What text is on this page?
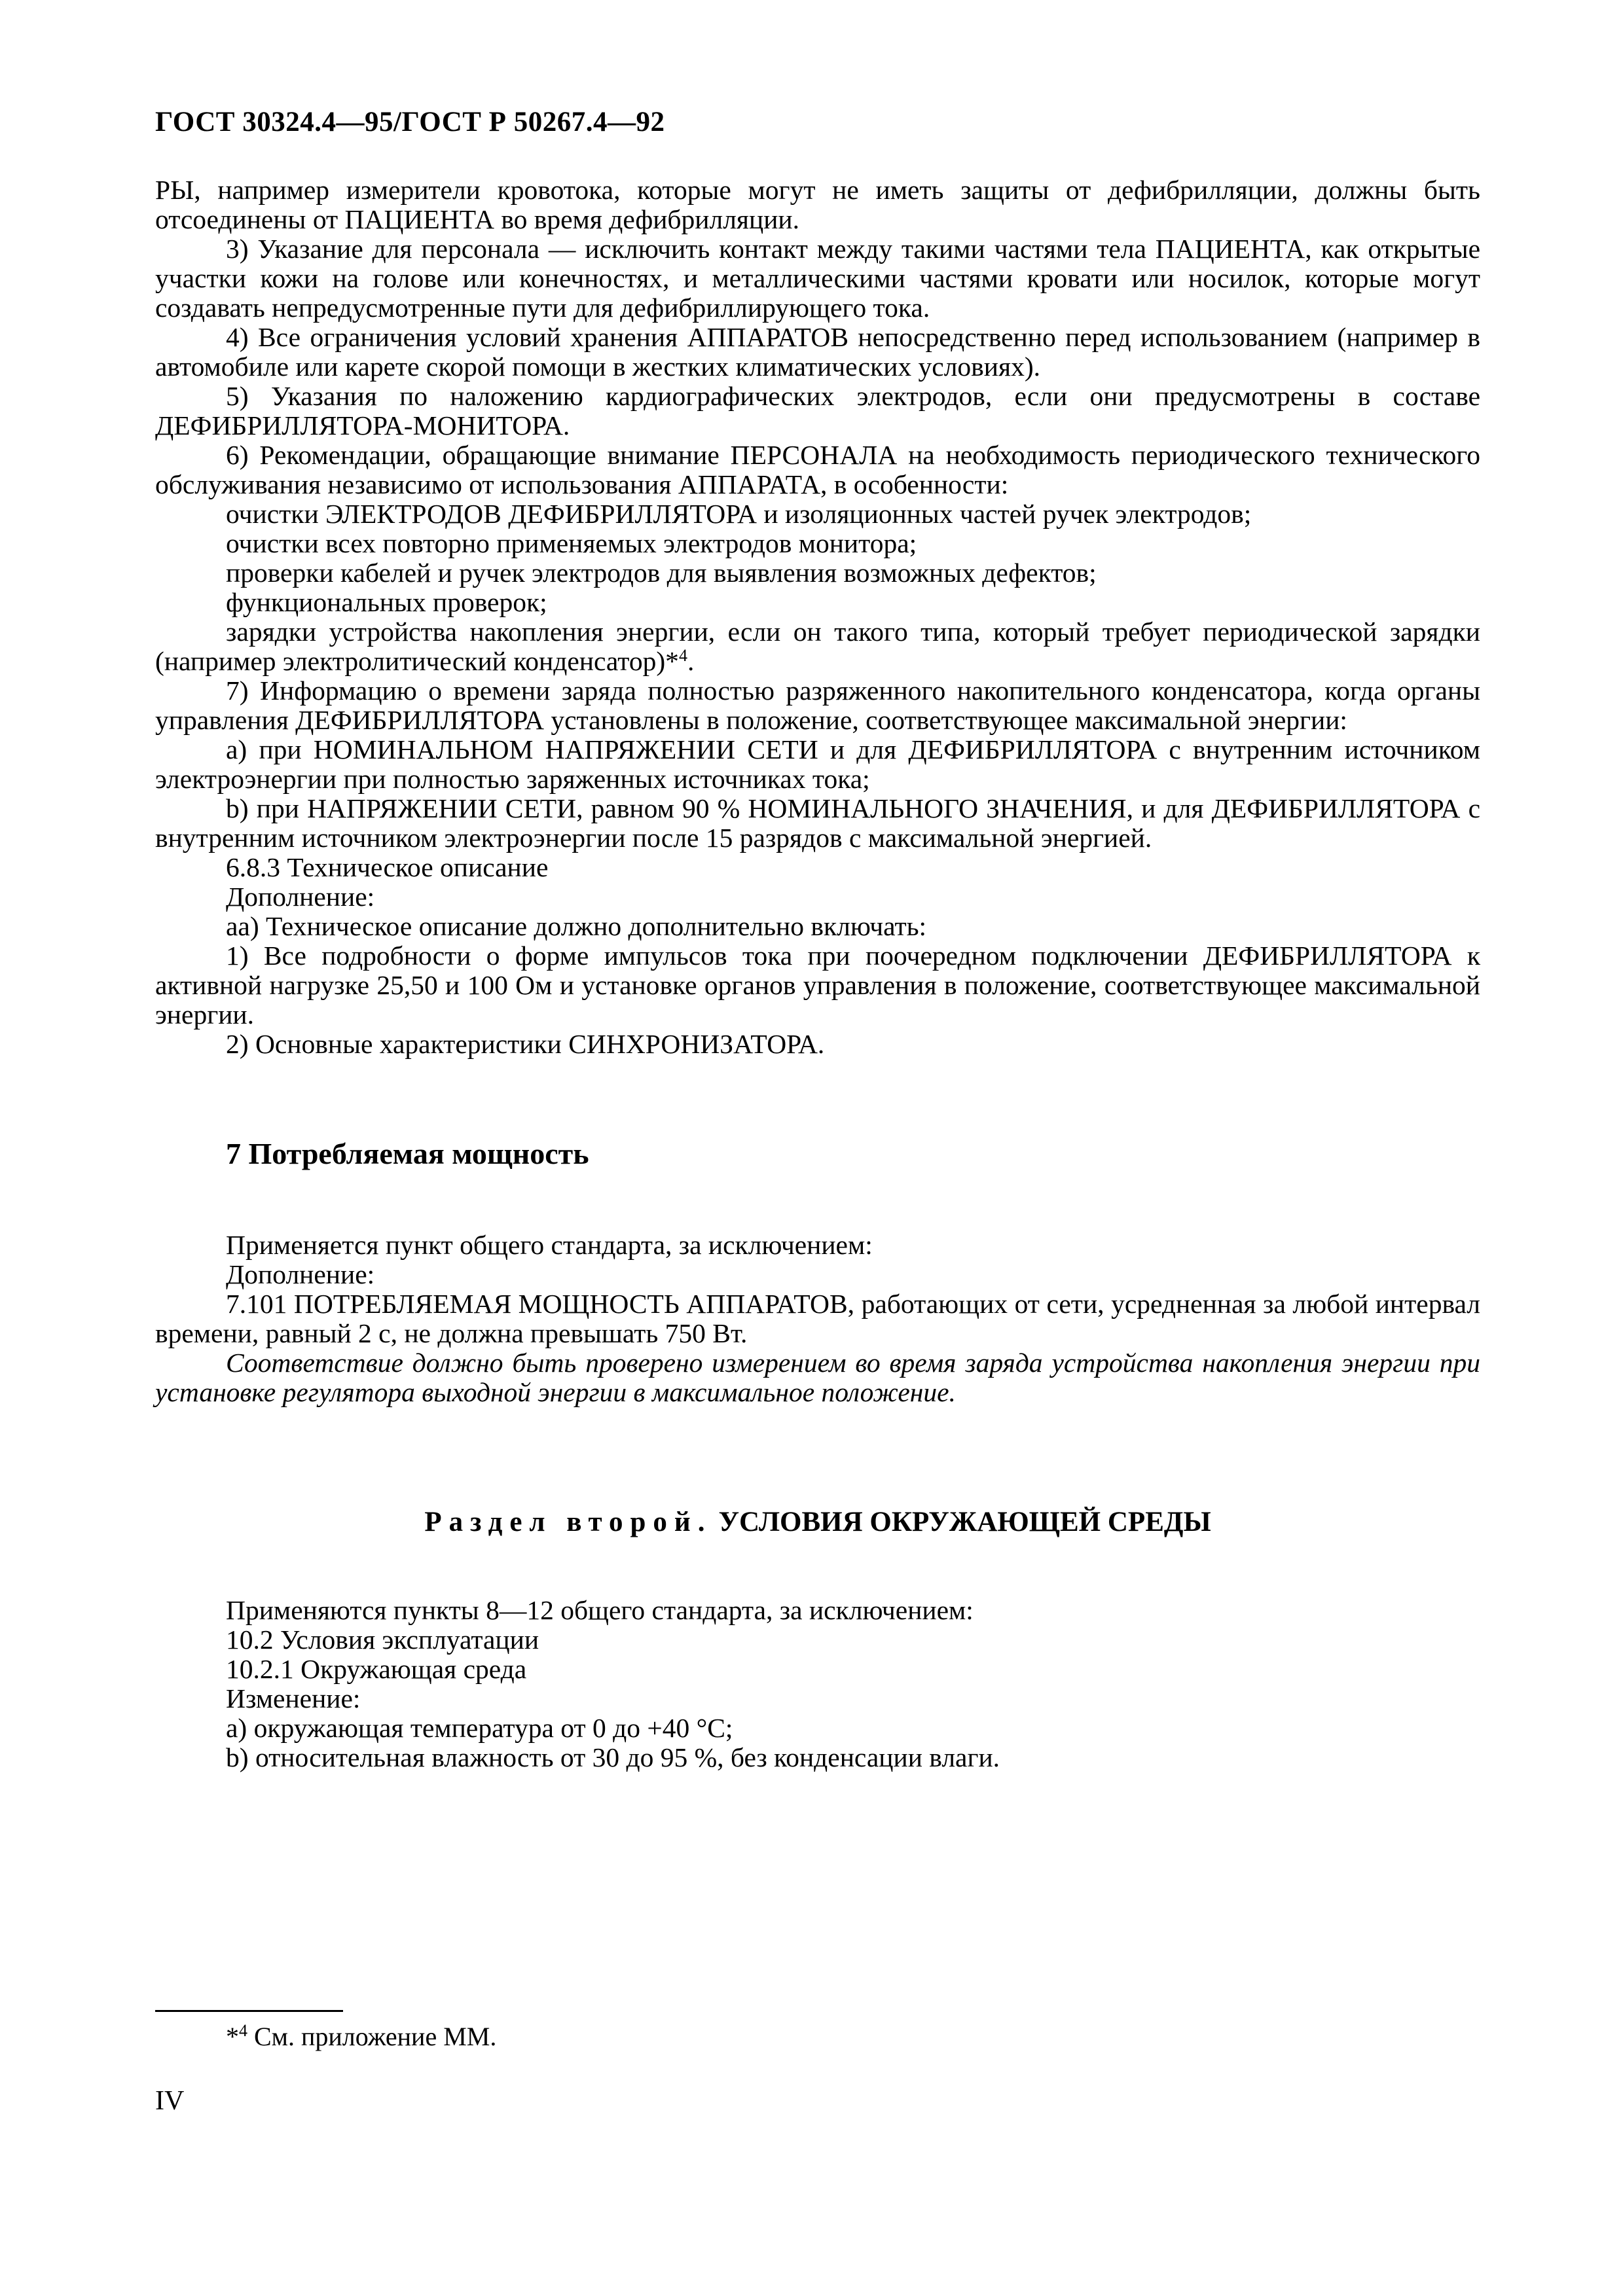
ГОСТ 30324.4—95/ГОСТ Р 50267.4—92

РЫ, например измерители кровотока, которые могут не иметь защиты от дефибрилляции, должны быть отсоединены от ПАЦИЕНТА во время дефибрилляции.

3) Указание для персонала — исключить контакт между такими частями тела ПАЦИЕНТА, как открытые участки кожи на голове или конечностях, и металлическими частями кровати или носилок, которые могут создавать непредусмотренные пути для дефибриллирующего тока.

4) Все ограничения условий хранения АППАРАТОВ непосредственно перед использованием (например в автомобиле или карете скорой помощи в жестких климатических условиях).

5) Указания по наложению кардиографических электродов, если они предусмотрены в составе ДЕФИБРИЛЛЯТОРА-МОНИТОРА.

6) Рекомендации, обращающие внимание ПЕРСОНАЛА на необходимость периодического технического обслуживания независимо от использования АППАРАТА, в особенности:

очистки ЭЛЕКТРОДОВ ДЕФИБРИЛЛЯТОРА и изоляционных частей ручек электродов;

очистки всех повторно применяемых электродов монитора;

проверки кабелей и ручек электродов для выявления возможных дефектов;

функциональных проверок;

зарядки устройства накопления энергии, если он такого типа, который требует периодической зарядки (например электролитический конденсатор)*$^4$.

7) Информацию о времени заряда полностью разряженного накопительного конденсатора, когда органы управления ДЕФИБРИЛЛЯТОРА установлены в положение, соответствующее максимальной энергии:

a) при НОМИНАЛЬНОМ НАПРЯЖЕНИИ СЕТИ и для ДЕФИБРИЛЛЯТОРА с внутренним источником электроэнергии при полностью заряженных источниках тока;

b) при НАПРЯЖЕНИИ СЕТИ, равном 90 % НОМИНАЛЬНОГО ЗНАЧЕНИЯ, и для ДЕФИБРИЛЛЯТОРА с внутренним источником электроэнергии после 15 разрядов с максимальной энергией.

6.8.3 Техническое описание

Дополнение:

аа) Техническое описание должно дополнительно включать:

1) Все подробности о форме импульсов тока при поочередном подключении ДЕФИБРИЛЛЯТОРА к активной нагрузке 25,50 и 100 Ом и установке органов управления в положение, соответствующее максимальной энергии.

2) Основные характеристики СИНХРОНИЗАТОРА.

7 Потребляемая мощность

Применяется пункт общего стандарта, за исключением:

Дополнение:

7.101 ПОТРЕБЛЯЕМАЯ МОЩНОСТЬ АППАРАТОВ, работающих от сети, усредненная за любой интервал времени, равный 2 с, не должна превышать 750 Вт.

Соответствие должно быть проверено измерением во время заряда устройства накопления энергии при установке регулятора выходной энергии в максимальное положение.

Раздел второй. УСЛОВИЯ ОКРУЖАЮЩЕЙ СРЕДЫ

Применяются пункты 8—12 общего стандарта, за исключением:

10.2 Условия эксплуатации

10.2.1 Окружающая среда

Изменение:

a) окружающая температура от 0 до +40 °С;

b) относительная влажность от 30 до 95 %, без конденсации влаги.

*$^4$ См. приложение ММ.
IV
